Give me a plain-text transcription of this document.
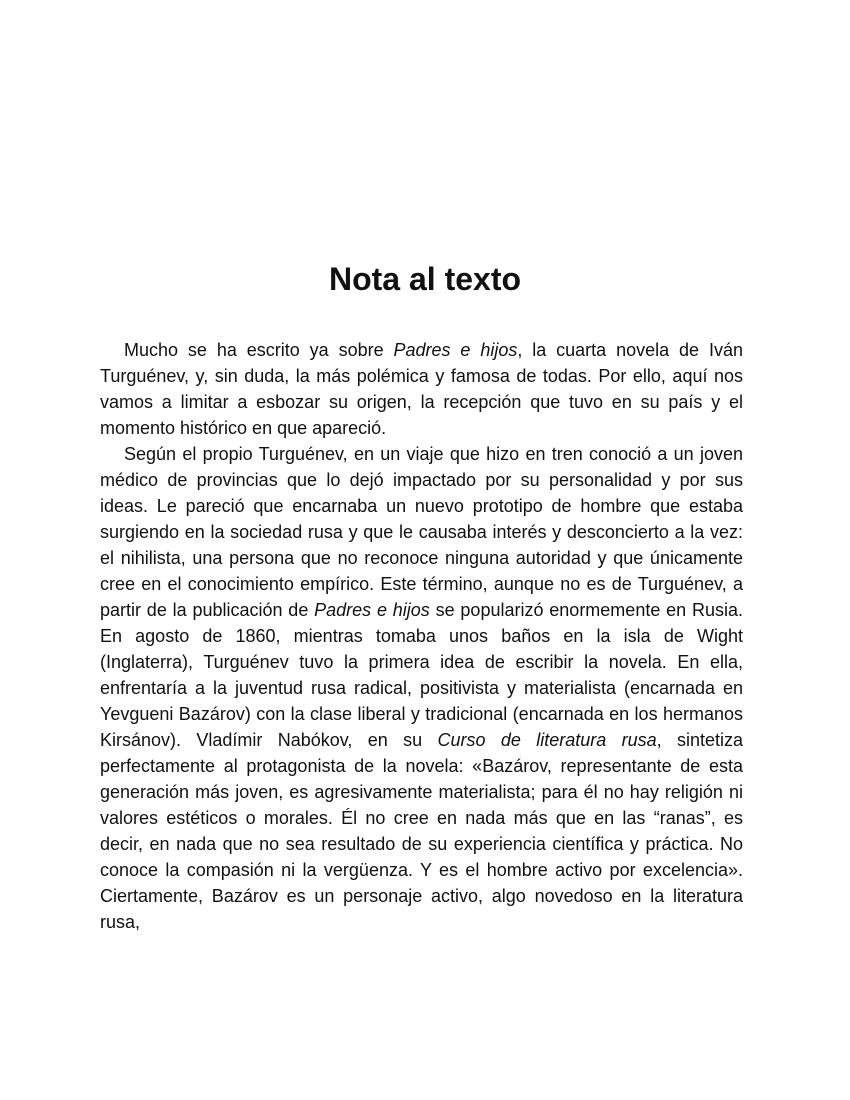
Nota al texto

Mucho se ha escrito ya sobre Padres e hijos, la cuarta novela de Iván Turguénev, y, sin duda, la más polémica y famosa de todas. Por ello, aquí nos vamos a limitar a esbozar su origen, la recepción que tuvo en su país y el momento histórico en que apareció.

Según el propio Turguénev, en un viaje que hizo en tren conoció a un joven médico de provincias que lo dejó impactado por su personalidad y por sus ideas. Le pareció que encarnaba un nuevo prototipo de hombre que estaba surgiendo en la sociedad rusa y que le causaba interés y desconcierto a la vez: el nihilista, una persona que no reconoce ninguna autoridad y que únicamente cree en el conocimiento empírico. Este término, aunque no es de Turguénev, a partir de la publicación de Padres e hijos se popularizó enormemente en Rusia. En agosto de 1860, mientras tomaba unos baños en la isla de Wight (Inglaterra), Turguénev tuvo la primera idea de escribir la novela. En ella, enfrentaría a la juventud rusa radical, positivista y materialista (encarnada en Yevgueni Bazárov) con la clase liberal y tradicional (encarnada en los hermanos Kirsánov). Vladímir Nabókov, en su Curso de literatura rusa, sintetiza perfectamente al protagonista de la novela: «Bazárov, representante de esta generación más joven, es agresivamente materialista; para él no hay religión ni valores estéticos o morales. Él no cree en nada más que en las “ranas”, es decir, en nada que no sea resultado de su experiencia científica y práctica. No conoce la compasión ni la vergüenza. Y es el hombre activo por excelencia». Ciertamente, Bazárov es un personaje activo, algo novedoso en la literatura rusa,
